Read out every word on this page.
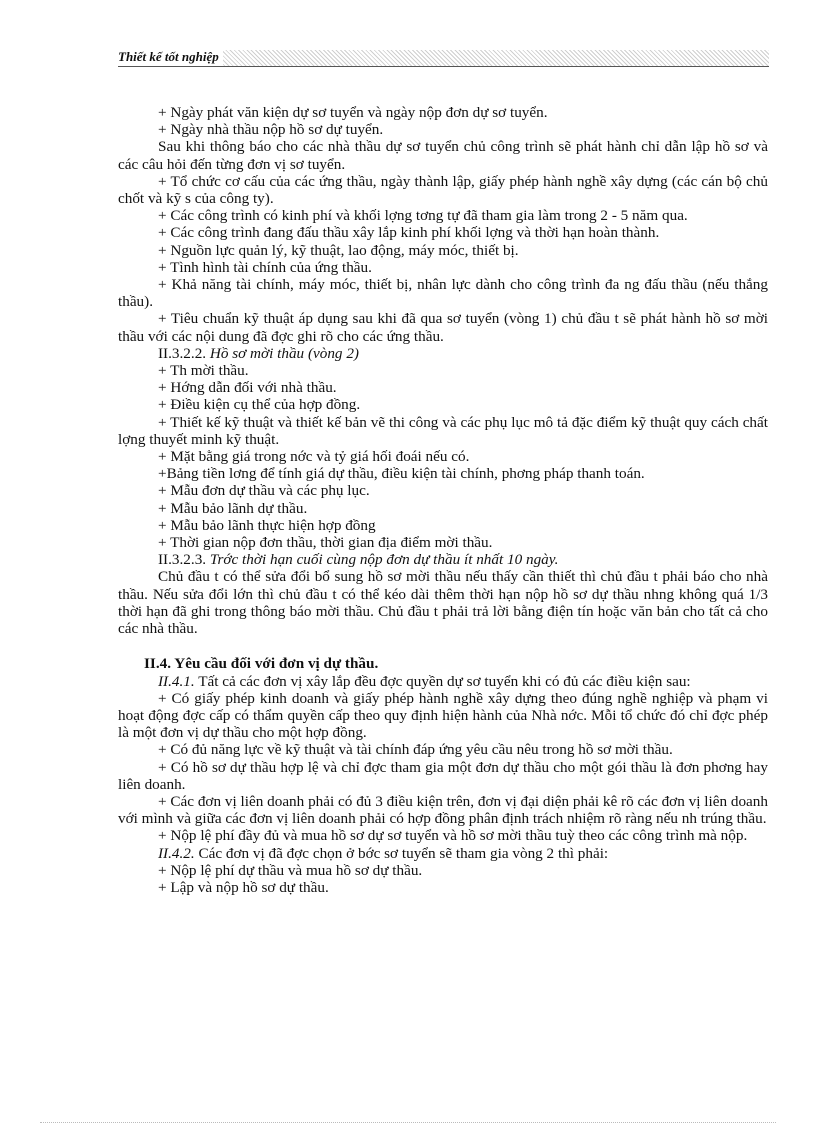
Thiết kế tốt nghiệp

+ Ngày phát văn kiện dự sơ tuyển và ngày nộp đơn dự sơ tuyển.

+ Ngày nhà thầu nộp hồ sơ dự tuyển.

Sau khi thông báo cho các nhà thầu dự sơ tuyển chủ công trình sẽ phát hành chỉ dẫn lập hồ sơ và các câu hỏi đến từng đơn vị sơ tuyển.

+ Tổ chức cơ cấu của các ứng thầu, ngày thành lập, giấy phép hành nghề xây dựng (các cán bộ chủ chốt và kỹ s của công ty).

+ Các công trình có kinh phí và khối lợng tơng tự đã tham gia làm trong 2 - 5 năm qua.

+ Các công trình đang đấu thầu xây lắp kinh phí khối lợng và thời hạn hoàn thành.

+ Nguồn lực quản lý, kỹ thuật, lao động, máy móc, thiết bị.

+ Tình hình tài chính của ứng thầu.

+ Khả năng tài chính, máy móc, thiết bị, nhân lực dành cho công trình đa ng đấu thầu (nếu thắng thầu).

+ Tiêu chuẩn kỹ thuật áp dụng sau khi đã qua sơ tuyển (vòng 1) chủ đầu t sẽ phát hành hồ sơ mời thầu với các nội dung đã đợc ghi rõ cho các ứng thầu.

II.3.2.2. Hồ sơ mời thầu (vòng 2)

+ Th mời thầu.

+ Hớng dẫn đối với nhà thầu.

+ Điều kiện cụ thể của hợp đồng.

+ Thiết kế kỹ thuật và thiết kế bản vẽ thi công và các phụ lục mô tả đặc điểm kỹ thuật quy cách chất lợng thuyết minh kỹ thuật.

+ Mặt bằng giá trong nớc và tỷ giá hối đoái nếu có.

+Bảng tiền lơng để tính giá dự thầu, điều kiện tài chính, phơng pháp thanh toán.

+ Mẫu đơn dự thầu và các phụ lục.

+ Mẫu bảo lãnh dự thầu.

+ Mẫu bảo lãnh thực hiện hợp đồng

+ Thời gian nộp đơn thầu, thời gian địa điểm mời thầu.

II.3.2.3. Trớc thời hạn cuối cùng nộp đơn dự thầu ít nhất 10 ngày.

Chủ đầu t có thể sửa đổi bổ sung hồ sơ mời thầu nếu thấy cần thiết thì chủ đầu t phải báo cho nhà thầu. Nếu sửa đổi lớn thì chủ đầu t có thể kéo dài thêm thời hạn nộp hồ sơ dự thầu nhng không quá 1/3 thời hạn đã ghi trong thông báo mời thầu. Chủ đầu t phải trả lời bằng điện tín hoặc văn bản cho tất cả cho các nhà thầu.

II.4. Yêu cầu đối với đơn vị dự thầu.

II.4.1. Tất cả các đơn vị xây lắp đều đợc quyền dự sơ tuyển khi có đủ các điều kiện sau:

+ Có giấy phép kinh doanh và giấy phép hành nghề xây dựng theo đúng nghề nghiệp và phạm vi hoạt động đợc cấp có thẩm quyền cấp theo quy định hiện hành của Nhà nớc. Mỗi tổ chức đó chỉ đợc phép là một đơn vị dự thầu cho một hợp đồng.

+ Có đủ năng lực về kỹ thuật và tài chính đáp ứng yêu cầu nêu trong hồ sơ mời thầu.

+ Có hồ sơ dự thầu hợp lệ và chỉ đợc tham gia một đơn dự thầu cho một gói thầu là đơn phơng hay liên doanh.

+ Các đơn vị liên doanh phải có đủ 3 điều kiện trên, đơn vị đại diện phải kê rõ các đơn vị liên doanh với mình và giữa các đơn vị liên doanh phải có hợp đồng phân định trách nhiệm rõ ràng nếu nh trúng thầu.

+ Nộp lệ phí đầy đủ và mua hồ sơ dự sơ tuyển và hồ sơ mời thầu tuỳ theo các công trình mà nộp.

II.4.2. Các đơn vị đã đợc chọn ở bớc sơ tuyển sẽ tham gia vòng 2 thì phải:

+ Nộp lệ phí dự thầu và mua hồ sơ dự thầu.

+ Lập và nộp hồ sơ dự thầu.
